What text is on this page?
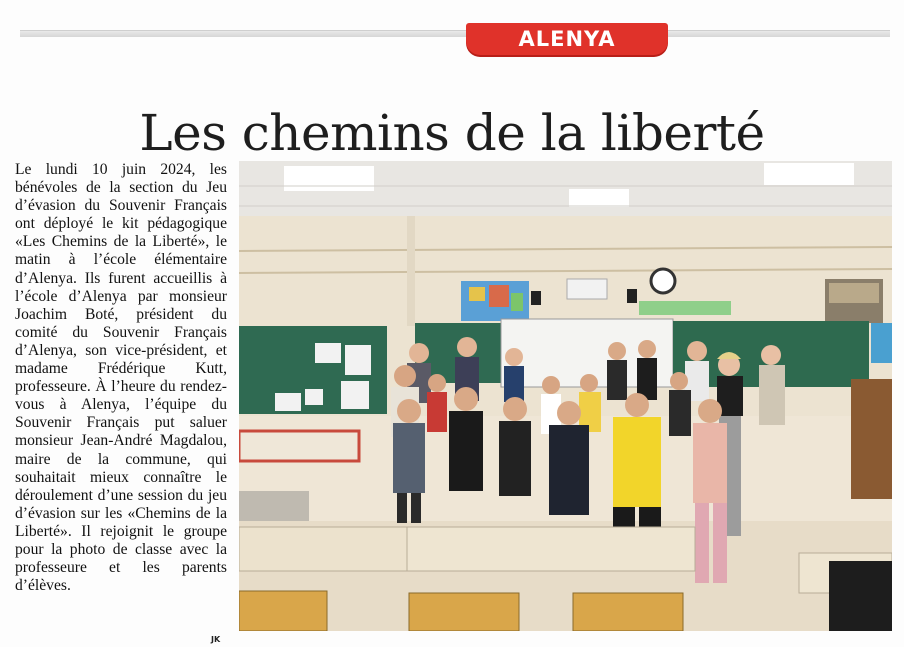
ALENYA
Les chemins de la liberté
Le lundi 10 juin 2024, les bénévoles de la section du Jeu d’évasion du Souvenir Français ont déployé le kit pédagogique «Les Chemins de la Liberté», le matin à l’école élémentaire d’Alenya. Ils furent accueillis à l’école d’Alenya par monsieur Joachim Boté, président du comité du Souvenir Français d’Alenya, son vice-président, et madame Frédérique Kutt, professeure. À l’heure du rendez-vous à Alenya, l’équipe du Souvenir Français put saluer monsieur Jean-André Magdalou, maire de la commune, qui souhaitait mieux connaître le déroulement d’une session du jeu d’évasion sur les «Chemins de la Liberté». Il rejoignit le groupe pour la photo de classe avec la professeure et les parents d’élèves.
JK
